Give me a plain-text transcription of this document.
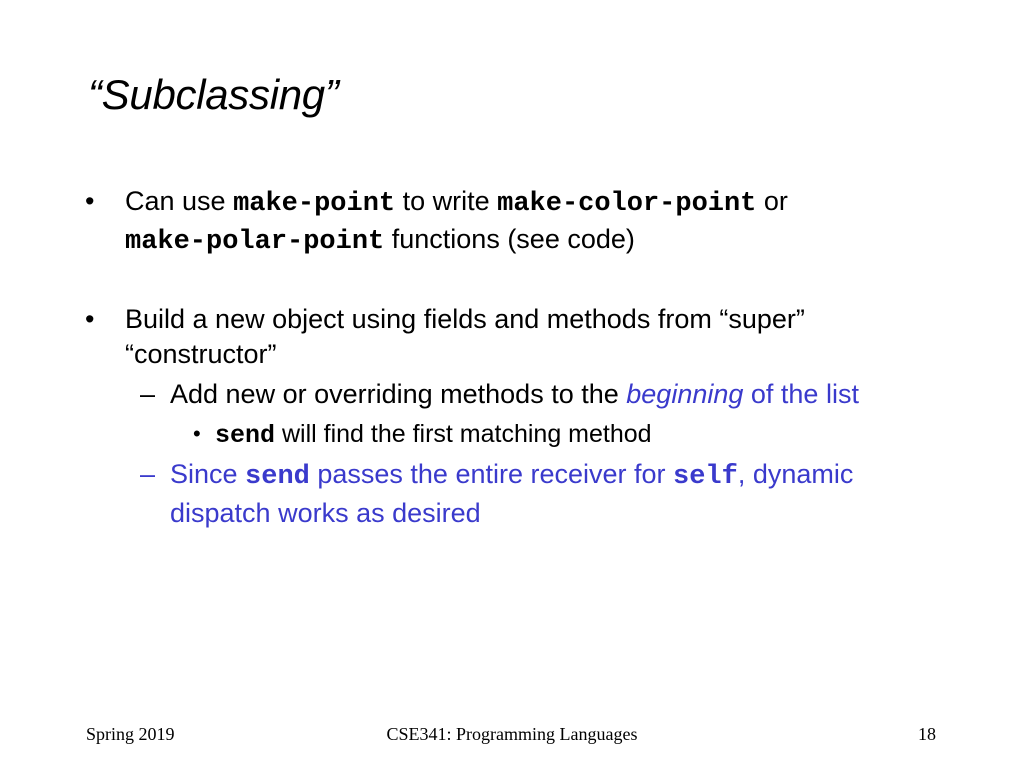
“Subclassing”
• Can use make-point to write make-color-point or
make-polar-point functions (see code)
• Build a new object using fields and methods from “super”
“constructor”
– Add new or overriding methods to the beginning of the list
• send will find the first matching method
– Since send passes the entire receiver for self, dynamic
dispatch works as desired
Spring 2019	CSE341: Programming Languages	18
